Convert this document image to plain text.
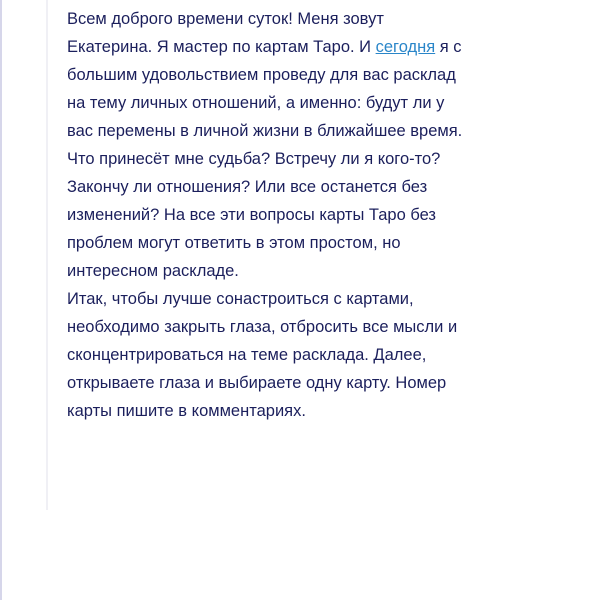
Всем доброго времени суток! Меня зовут Екатерина. Я мастер по картам Таро. И сегодня я с большим удовольствием проведу для вас расклад на тему личных отношений, а именно: будут ли у вас перемены в личной жизни в ближайшее время.

Что принесёт мне судьба? Встречу ли я кого-то? Закончу ли отношения? Или все останется без изменений? На все эти вопросы карты Таро без проблем могут ответить в этом простом, но интересном раскладе.

Итак, чтобы лучше сонастроиться с картами, необходимо закрыть глаза, отбросить все мысли и сконцентрироваться на теме расклада. Далее, открываете глаза и выбираете одну карту. Номер карты пишите в комментариях.
